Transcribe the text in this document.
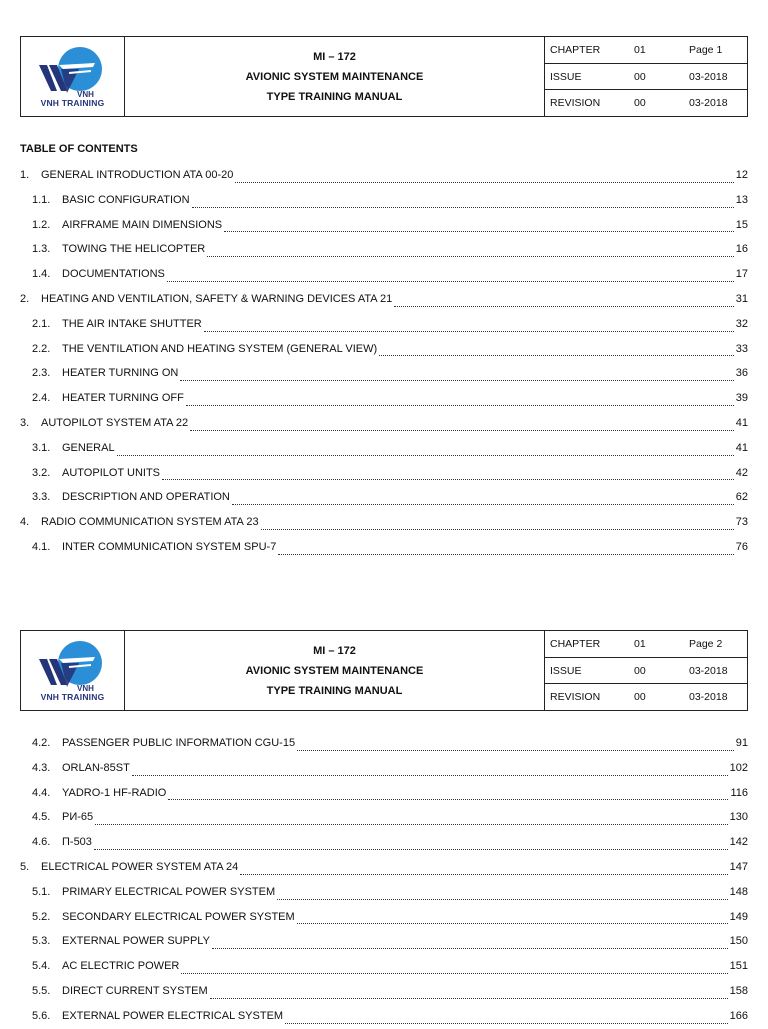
VNH
VNH TRAINING
MI – 172
AVIONIC SYSTEM MAINTENANCE
TYPE TRAINING MANUAL
CHAPTER	01	Page 1
ISSUE	00	03-2018
REVISION	00	03-2018
TABLE OF CONTENTS
1.	GENERAL INTRODUCTION ATA 00-20	12
1.1.	BASIC CONFIGURATION	13
1.2.	AIRFRAME MAIN DIMENSIONS	15
1.3.	TOWING THE HELICOPTER	16
1.4.	DOCUMENTATIONS	17
2.	HEATING AND VENTILATION, SAFETY & WARNING DEVICES ATA 21	31
2.1.	THE AIR INTAKE SHUTTER	32
2.2.	THE VENTILATION AND HEATING SYSTEM (GENERAL VIEW)	33
2.3.	HEATER TURNING ON	36
2.4.	HEATER TURNING OFF	39
3.	AUTOPILOT SYSTEM ATA 22	41
3.1.	GENERAL	41
3.2.	AUTOPILOT UNITS	42
3.3.	DESCRIPTION AND OPERATION	62
4.	RADIO COMMUNICATION SYSTEM ATA 23	73
4.1.	INTER COMMUNICATION SYSTEM SPU-7	76
VNH
VNH TRAINING
MI – 172
AVIONIC SYSTEM MAINTENANCE
TYPE TRAINING MANUAL
CHAPTER	01	Page 2
ISSUE	00	03-2018
REVISION	00	03-2018
4.2.	PASSENGER PUBLIC INFORMATION CGU-15	91
4.3.	ORLAN-85ST	102
4.4.	YADRO-1 HF-RADIO	116
4.5.	РИ-65	130
4.6.	П-503	142
5.	ELECTRICAL POWER SYSTEM ATA 24	147
5.1.	PRIMARY ELECTRICAL POWER SYSTEM	148
5.2.	SECONDARY ELECTRICAL POWER SYSTEM	149
5.3.	EXTERNAL POWER SUPPLY	150
5.4.	AC ELECTRIC POWER	151
5.5.	DIRECT CURRENT SYSTEM	158
5.6.	EXTERNAL POWER ELECTRICAL SYSTEM	166
